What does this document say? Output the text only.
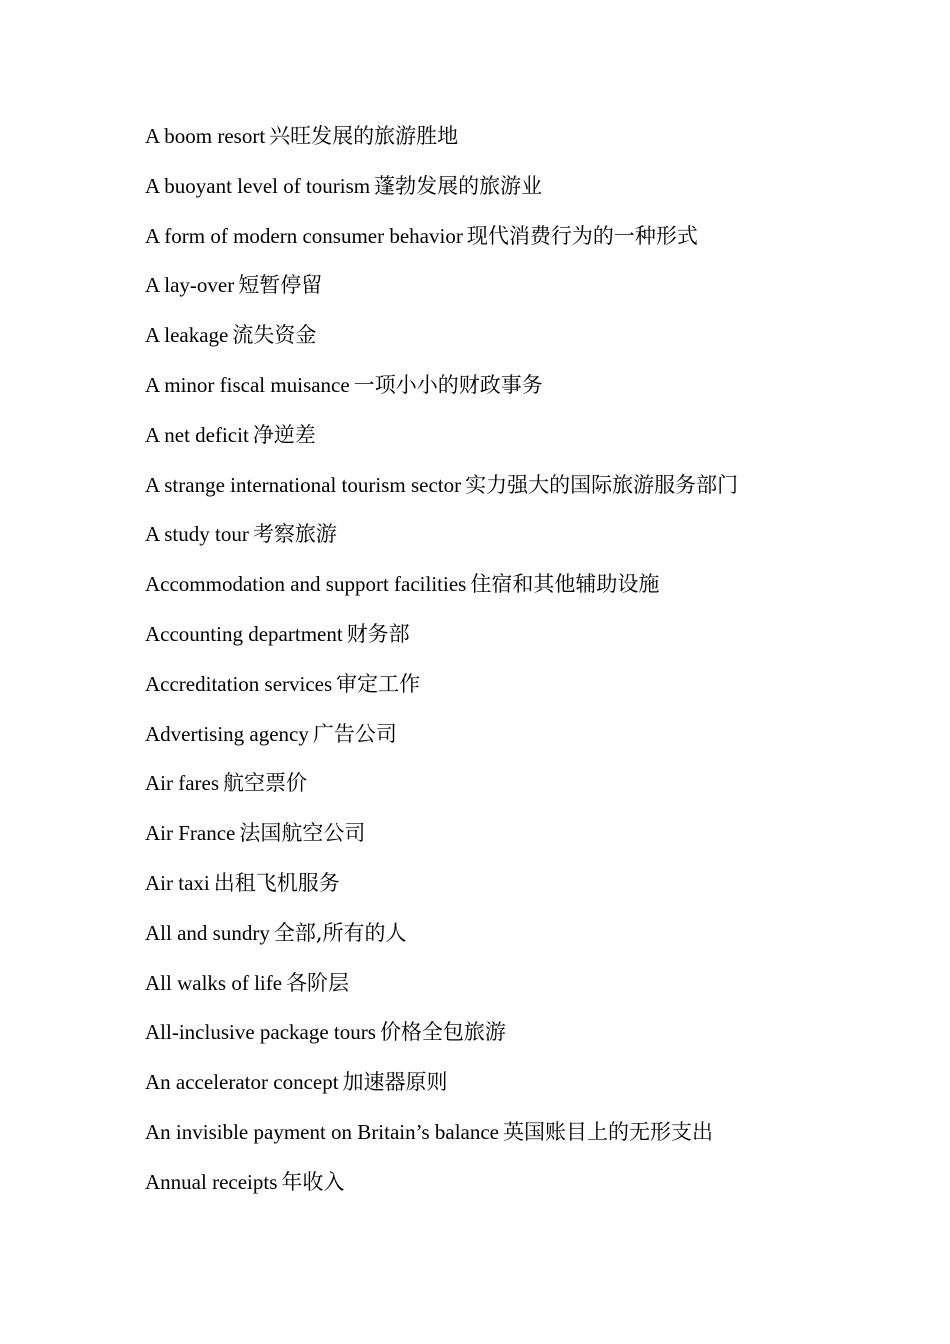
A boom resort 兴旺发展的旅游胜地
A buoyant level of tourism 蓬勃发展的旅游业
A form of modern consumer behavior 现代消费行为的一种形式
A lay-over 短暂停留
A leakage 流失资金
A minor fiscal muisance 一项小小的财政事务
A net deficit 净逆差
A strange international tourism sector 实力强大的国际旅游服务部门
A study tour 考察旅游
Accommodation and support facilities 住宿和其他辅助设施
Accounting department 财务部
Accreditation services 审定工作
Advertising agency 广告公司
Air fares 航空票价
Air France 法国航空公司
Air taxi 出租飞机服务
All and sundry 全部,所有的人
All walks of life 各阶层
All-inclusive package tours 价格全包旅游
An accelerator concept 加速器原则
An invisible payment on Britain’s balance 英国账目上的无形支出
Annual receipts 年收入
